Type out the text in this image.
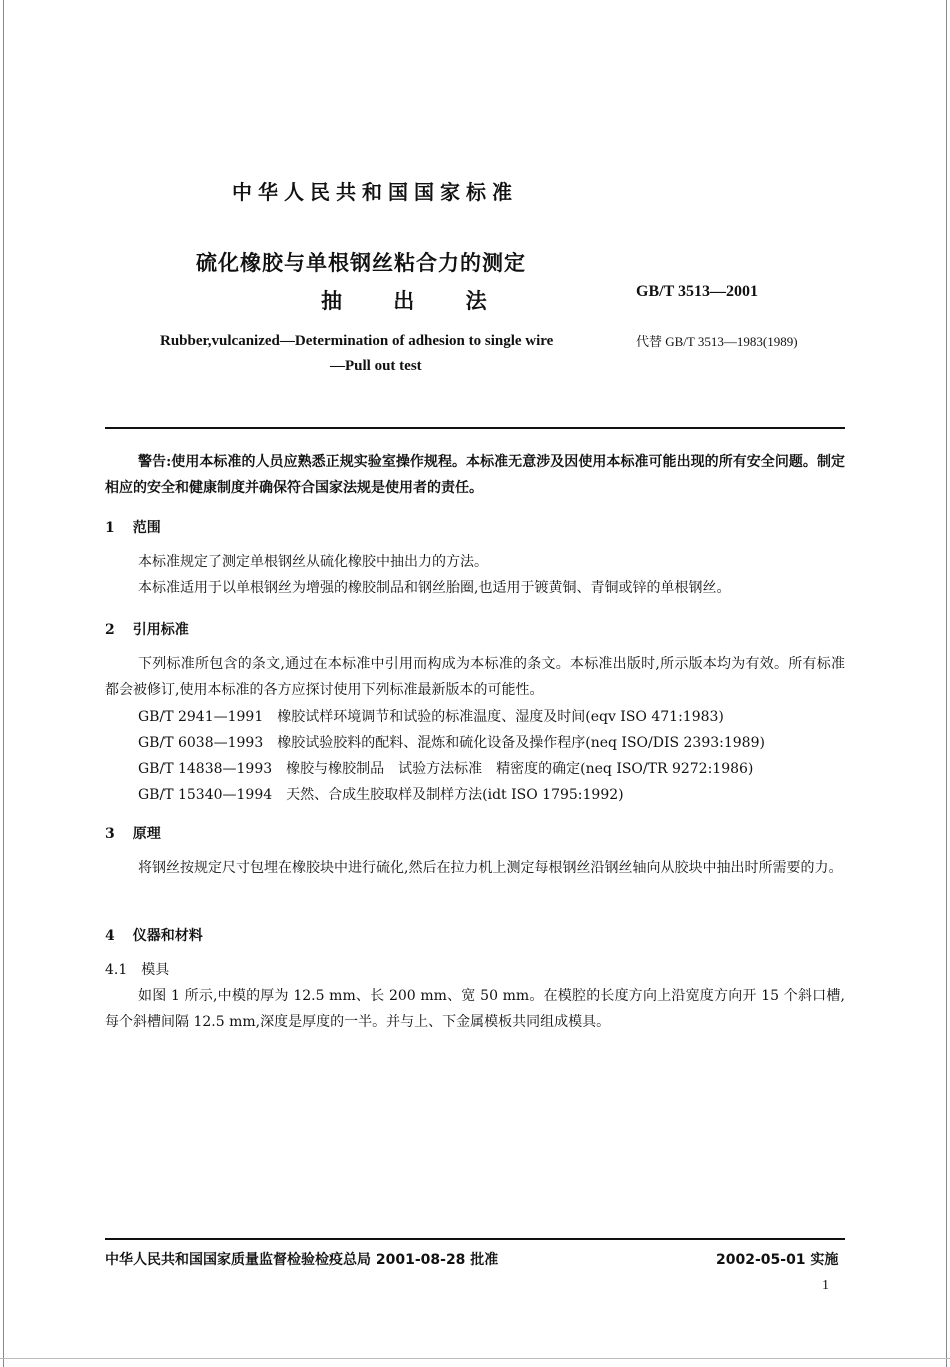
中华人民共和国国家标准
硫化橡胶与单根钢丝粘合力的测定
抽 出 法	GB/T 3513—2001
Rubber,vulcanized—Determination of adhesion to single wire
—Pull out test
代替 GB/T 3513—1983(1989)
警告:使用本标准的人员应熟悉正规实验室操作规程。本标准无意涉及因使用本标准可能出现的所有安全问题。制定相应的安全和健康制度并确保符合国家法规是使用者的责任。
1 范围
本标准规定了测定单根钢丝从硫化橡胶中抽出力的方法。
本标准适用于以单根钢丝为增强的橡胶制品和钢丝胎圈,也适用于镀黄铜、青铜或锌的单根钢丝。
2 引用标准
下列标准所包含的条文,通过在本标准中引用而构成为本标准的条文。本标准出版时,所示版本均为有效。所有标准都会被修订,使用本标准的各方应探讨使用下列标准最新版本的可能性。
GB/T 2941—1991　橡胶试样环境调节和试验的标准温度、湿度及时间(eqv ISO 471:1983)
GB/T 6038—1993　橡胶试验胶料的配料、混炼和硫化设备及操作程序(neq ISO/DIS 2393:1989)
GB/T 14838—1993　橡胶与橡胶制品　试验方法标准　精密度的确定(neq ISO/TR 9272:1986)
GB/T 15340—1994　天然、合成生胶取样及制样方法(idt ISO 1795:1992)
3 原理
将钢丝按规定尺寸包埋在橡胶块中进行硫化,然后在拉力机上测定每根钢丝沿钢丝轴向从胶块中抽出时所需要的力。
4 仪器和材料
4.1 模具
如图 1 所示,中模的厚为 12.5 mm、长 200 mm、宽 50 mm。在模腔的长度方向上沿宽度方向开 15 个斜口槽,每个斜槽间隔 12.5 mm,深度是厚度的一半。并与上、下金属模板共同组成模具。
中华人民共和国国家质量监督检验检疫总局 2001-08-28 批准	2002-05-01 实施
1
